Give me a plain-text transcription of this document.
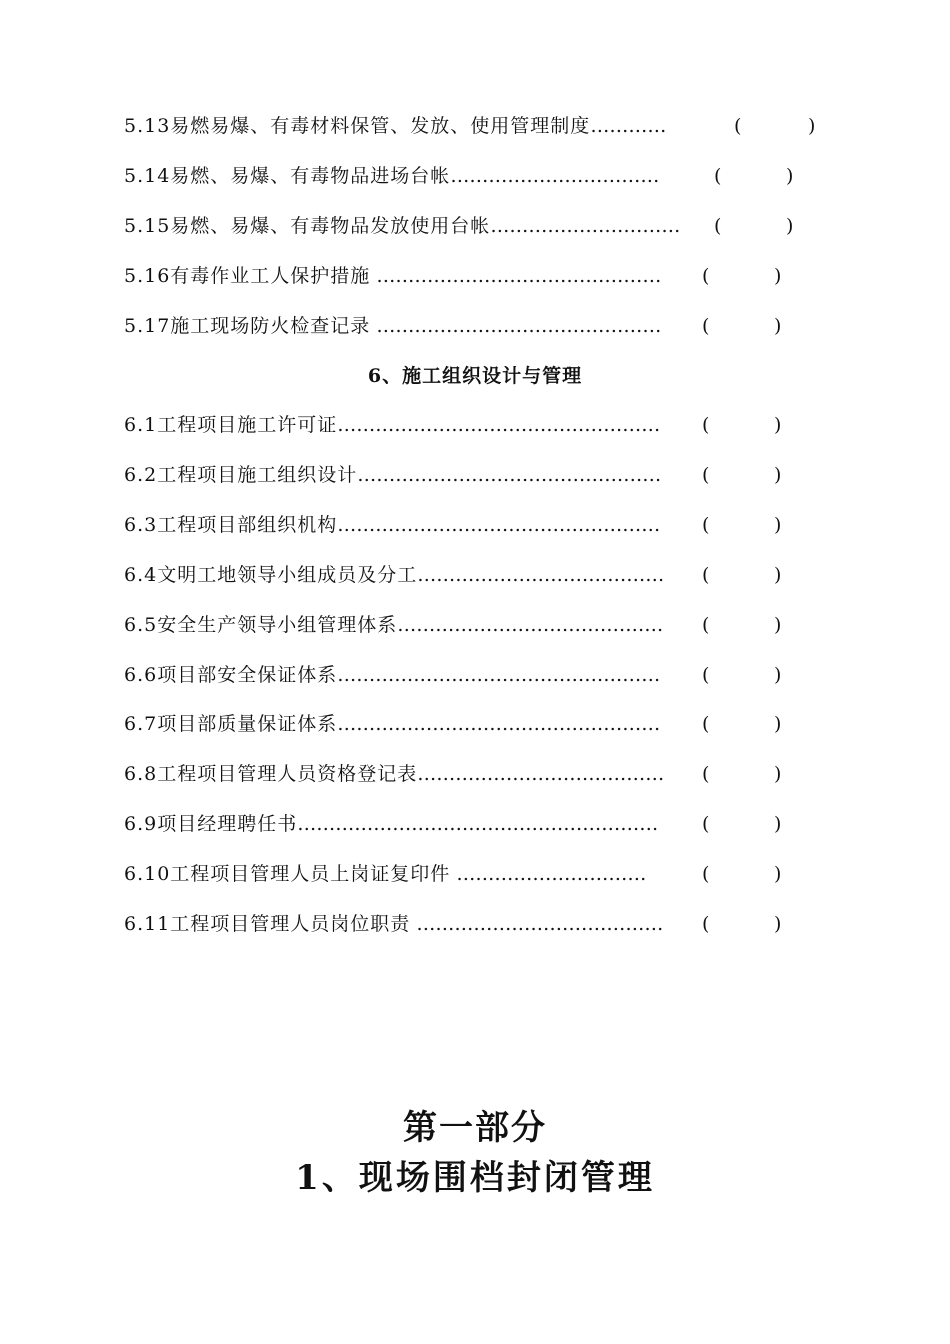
5.13易燃易爆、有毒材料保管、发放、使用管理制度…………	(	)
5.14易燃、易爆、有毒物品进场台帐……………………………	(	)
5.15易燃、易爆、有毒物品发放使用台帐………………………… (	)
5.16有毒作业工人保护措施 ……………………………………… (	)
5.17施工现场防火检查记录 ……………………………………… (	)
6、施工组织设计与管理
6.1工程项目施工许可证…………………………………………… (	)
6.2工程项目施工组织设计………………………………………… (	)
6.3工程项目部组织机构…………………………………………… (	)
6.4文明工地领导小组成员及分工………………………………… (	)
6.5安全生产领导小组管理体系…………………………………… (	)
6.6项目部安全保证体系…………………………………………… (	)
6.7项目部质量保证体系…………………………………………… (	)
6.8工程项目管理人员资格登记表………………………………… (	)
6.9项目经理聘任书………………………………………………… (	)
6.10工程项目管理人员上岗证复印件 …………………………	(	)
6.11工程项目管理人员岗位职责 ………………………………… (	)
第一部分
1、现场围档封闭管理
